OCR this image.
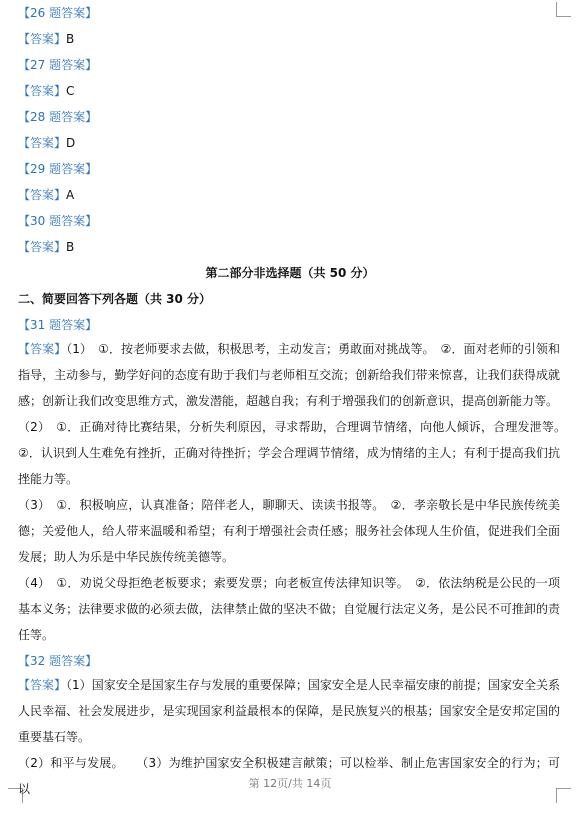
【26 题答案】
【答案】B
【27 题答案】
【答案】C
【28 题答案】
【答案】D
【29 题答案】
【答案】A
【30 题答案】
【答案】B
第二部分非选择题（共 50 分）
二、简要回答下列各题（共 30 分）
【31 题答案】
【答案】（1）　①．按老师要求去做，积极思考，主动发言；勇敢面对挑战等。　②．面对老师的引领和指导，主动参与，勤学好问的态度有助于我们与老师相互交流；创新给我们带来惊喜，让我们获得成就感；创新让我们改变思维方式，激发潜能，超越自我；有利于增强我们的创新意识，提高创新能力等。
（2）　①．正确对待比赛结果，分析失利原因，寻求帮助，合理调节情绪，向他人倾诉，合理发泄等。　②．认识到人生难免有挫折，正确对待挫折；学会合理调节情绪，成为情绪的主人；有利于提高我们抗挫能力等。
（3）　①．积极响应，认真准备；陪伴老人，聊聊天、读读书报等。　②．孝亲敬长是中华民族传统美德；关爱他人，给人带来温暖和希望；有利于增强社会责任感；服务社会体现人生价值，促进我们全面发展；助人为乐是中华民族传统美德等。
（4）　①．劝说父母拒绝老板要求；索要发票；向老板宣传法律知识等。　②．依法纳税是公民的一项基本义务；法律要求做的必须去做，法律禁止做的坚决不做；自觉履行法定义务，是公民不可推卸的责任等。
【32 题答案】
【答案】（1）国家安全是国家生存与发展的重要保障；国家安全是人民幸福安康的前提；国家安全关系人民幸福、社会发展进步，是实现国家利益最根本的保障，是民族复兴的根基；国家安全是安邦定国的重要基石等。
（2）和平与发展。　　（3）为维护国家安全积极建言献策；可以检举、制止危害国家安全的行为；可以	第 12页/共 14页
